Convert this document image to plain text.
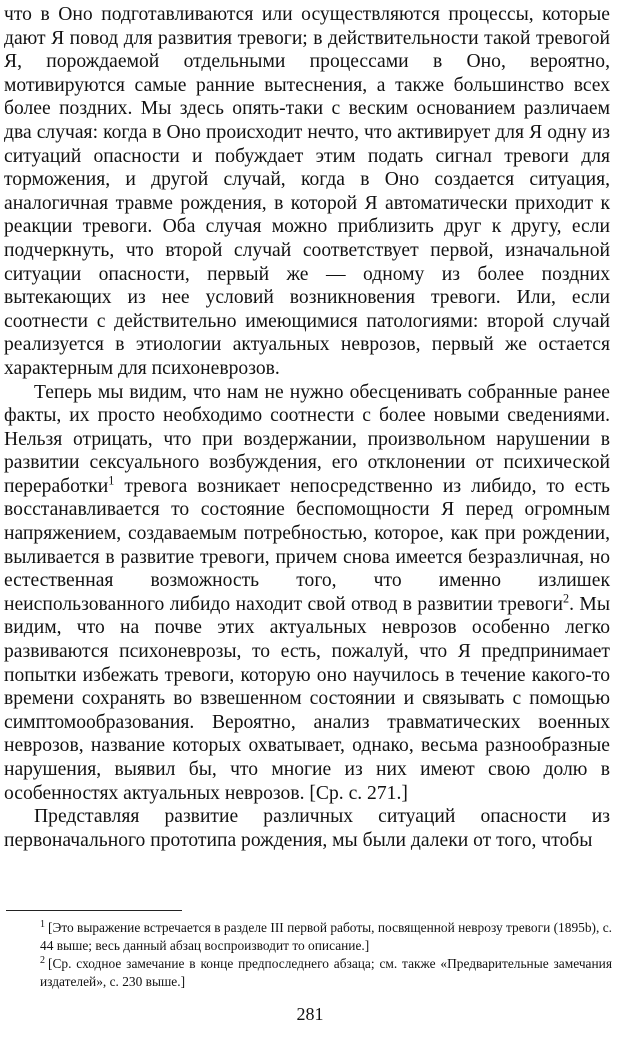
что в Оно подготавливаются или осуществляются процессы, которые дают Я повод для развития тревоги; в действительности такой тревогой Я, порождаемой отдельными процессами в Оно, вероятно, мотивируются самые ранние вытеснения, а также большинство всех более поздних. Мы здесь опять-таки с веским основанием различаем два случая: когда в Оно происходит нечто, что активирует для Я одну из ситуаций опасности и побуждает этим подать сигнал тревоги для торможения, и другой случай, когда в Оно создается ситуация, аналогичная травме рождения, в которой Я автоматически приходит к реакции тревоги. Оба случая можно приблизить друг к другу, если подчеркнуть, что второй случай соответствует первой, изначальной ситуации опасности, первый же — одному из более поздних вытекающих из нее условий возникновения тревоги. Или, если соотнести с действительно имеющимися патологиями: второй случай реализуется в этиологии актуальных неврозов, первый же остается характерным для психоневрозов.

Теперь мы видим, что нам не нужно обесценивать собранные ранее факты, их просто необходимо соотнести с более новыми сведениями. Нельзя отрицать, что при воздержании, произвольном нарушении в развитии сексуального возбуждения, его отклонении от психической переработки$^1$ тревога возникает непосредственно из либидо, то есть восстанавливается то состояние беспомощности Я перед огромным напряжением, создаваемым потребностью, которое, как при рождении, выливается в развитие тревоги, причем снова имеется безразличная, но естественная возможность того, что именно излишек неиспользованного либидо находит свой отвод в развитии тревоги$^2$. Мы видим, что на почве этих актуальных неврозов особенно легко развиваются психоневрозы, то есть, пожалуй, что Я предпринимает попытки избежать тревоги, которую оно научилось в течение какого-то времени сохранять во взвешенном состоянии и связывать с помощью симптомообразования. Вероятно, анализ травматических военных неврозов, название которых охватывает, однако, весьма разнообразные нарушения, выявил бы, что многие из них имеют свою долю в особенностях актуальных неврозов. [Ср. с. 271.]

Представляя развитие различных ситуаций опасности из первоначального прототипа рождения, мы были далеки от того, чтобы

$^1$ [Это выражение встречается в разделе III первой работы, посвященной неврозу тревоги (1895b), с. 44 выше; весь данный абзац воспроизводит то описание.]

$^2$ [Ср. сходное замечание в конце предпоследнего абзаца; см. также «Предварительные замечания издателей», с. 230 выше.]

281
